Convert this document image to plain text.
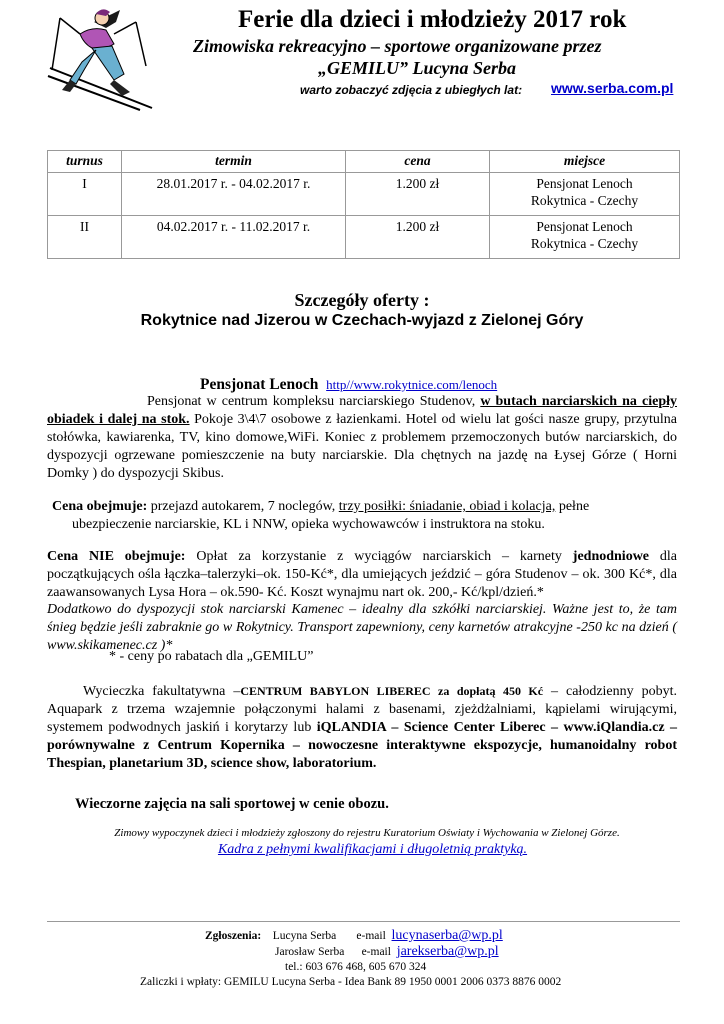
Ferie dla dzieci i młodzieży 2017 rok
Zimowiska rekreacyjno – sportowe organizowane przez
„GEMILU” Lucyna Serba
warto zobaczyć zdjęcia z ubiegłych lat: www.serba.com.pl
turnus	termin	cena	miejsce
I	28.01.2017 r. - 04.02.2017 r.	1.200 zł	Pensjonat Lenoch
Rokytnica - Czechy

II	04.02.2017 r. - 11.02.2017 r.	1.200 zł	Pensjonat Lenoch
Rokytnica - Czechy
Szczegóły oferty :
Rokytnice nad Jizerou w Czechach-wyjazd z Zielonej Góry
Pensjonat Lenoch http//www.rokytnice.com/lenoch
Pensjonat w centrum kompleksu narciarskiego Studenov, w butach narciarskich na ciepły obiadek i dalej na stok. Pokoje 3\4\7 osobowe z łazienkami. Hotel od wielu lat gości nasze grupy, przytulna stołówka, kawiarenka, TV, kino domowe,WiFi. Koniec z problemem przemoczonych butów narciarskich, do dyspozycji ogrzewane pomieszczenie na buty narciarskie. Dla chętnych na jazdę na Łysej Górze ( Horni Domky ) do dyspozycji Skibus.
Cena obejmuje: przejazd autokarem, 7 noclegów, trzy posiłki: śniadanie, obiad i kolacja, pełne
ubezpieczenie narciarskie, KL i NNW, opieka wychowawców i instruktora na stoku.
Cena NIE obejmuje: Opłat za korzystanie z wyciągów narciarskich – karnety jednodniowe dla początkujących ośla łączka–talerzyki–ok. 150-Kć*, dla umiejących jeździć – góra Studenov – ok. 300 Kć*, dla zaawansowanych Lysa Hora – ok.590- Kć. Koszt wynajmu nart ok. 200,- Kć/kpl/dzień.*
Dodatkowo do dyspozycji stok narciarski Kamenec – idealny dla szkółki narciarskiej. Ważne jest to, że tam śnieg będzie jeśli zabraknie go w Rokytnicy. Transport zapewniony, ceny karnetów atrakcyjne -250 kc na dzień ( www.skikamenec.cz )*
* - ceny po rabatach dla „GEMILU”
Wycieczka fakultatywna –CENTRUM BABYLON LIBEREC za dopłatą 450 Kć – całodzienny pobyt. Aquapark z trzema wzajemnie połączonymi halami z basenami, zjeżdżalniami, kąpielami wirującymi, systemem podwodnych jaskiń i korytarzy lub iQLANDIA – Science Center Liberec – www.iQlandia.cz – porównywalne z Centrum Kopernika – nowoczesne interaktywne ekspozycje, humanoidalny robot Thespian, planetarium 3D, science show, laboratorium.
Wieczorne zajęcia na sali sportowej w cenie obozu.
Zimowy wypoczynek dzieci i młodzieży zgłoszony do rejestru Kuratorium Oświaty i Wychowania w Zielonej Górze.
Kadra z pełnymi kwalifikacjami i długoletnią praktyką.
Zgłoszenia: Lucyna Serba e-mail lucynaserba@wp.pl
Jarosław Serba e-mail jarekserba@wp.pl
tel.: 603 676 468, 605 670 324
Zaliczki i wpłaty: GEMILU Lucyna Serba - Idea Bank 89 1950 0001 2006 0373 8876 0002
